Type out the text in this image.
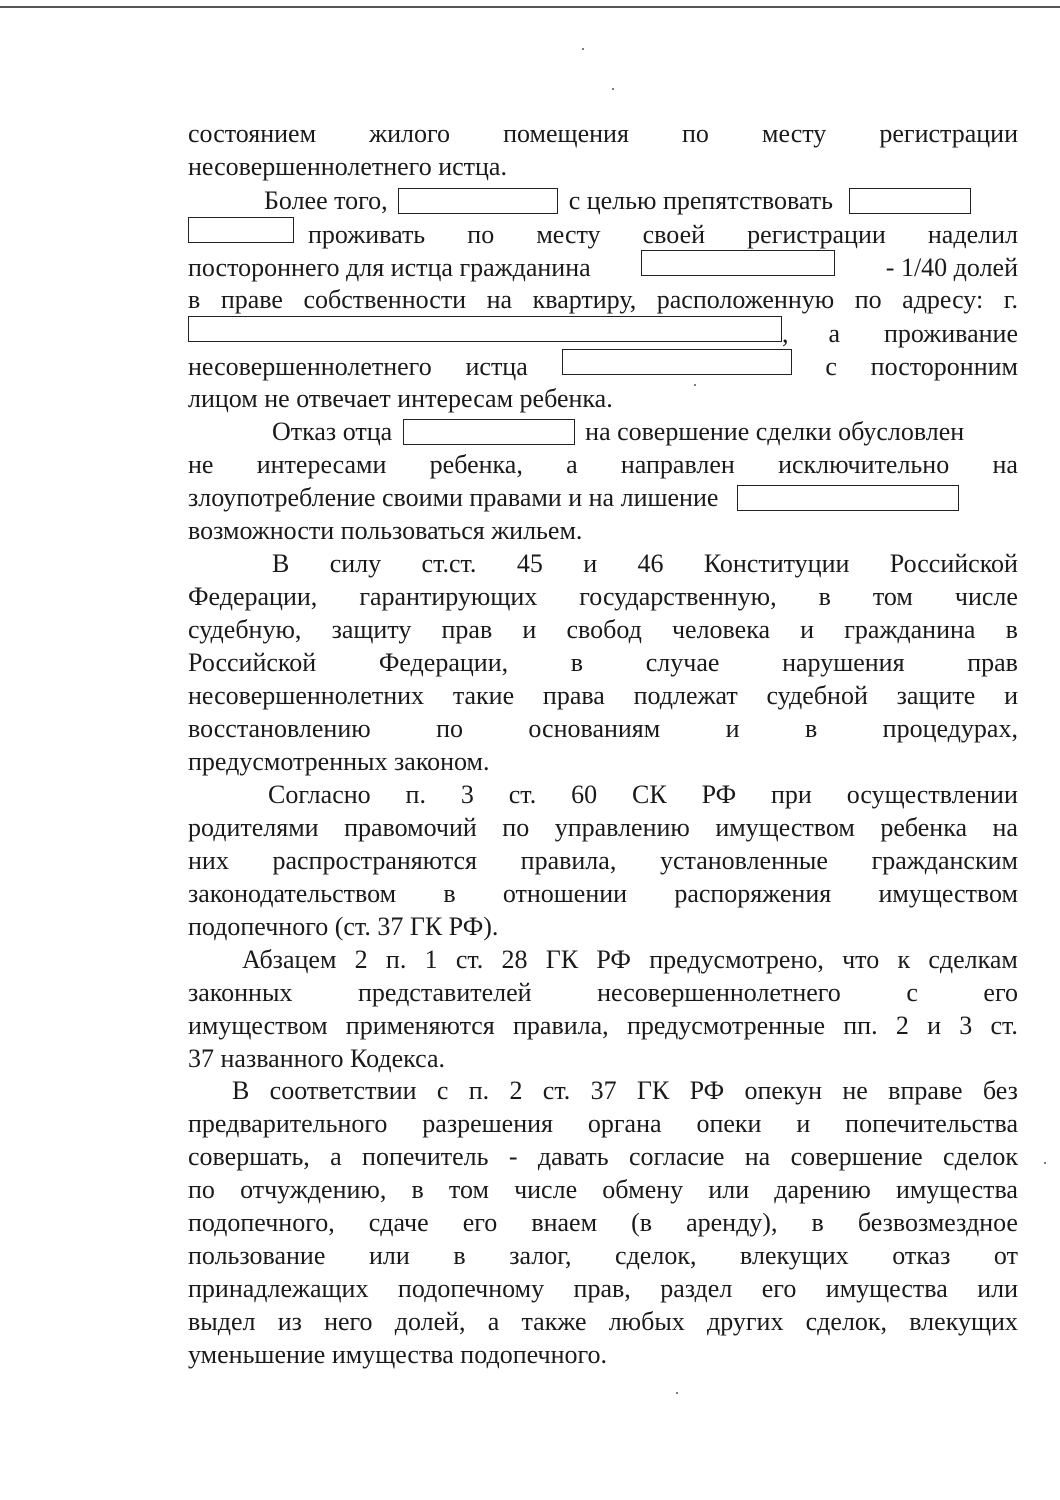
состоянием жилого помещения по месту регистрации
несовершеннолетнего истца.
Более того,	с целью препятствовать
проживать по месту своей регистрации наделил
постороннего для истца гражданина	- 1/40 долей
в праве собственности на квартиру, расположенную по адресу: г.
, а проживание
несовершеннолетнего истца	с посторонним
лицом не отвечает интересам ребенка.
Отказ отца	на совершение сделки обусловлен
не интересами ребенка, а направлен исключительно на
злоупотребление своими правами и на лишение
возможности пользоваться жильем.
В силу ст.ст. 45 и 46 Конституции Российской
Федерации, гарантирующих государственную, в том числе
судебную, защиту прав и свобод человека и гражданина в
Российской Федерации, в случае нарушения прав
несовершеннолетних такие права подлежат судебной защите и
восстановлению	по	основаниям	и	в	процедурах,
предусмотренных законом.
Согласно п. 3 ст. 60 СК РФ при осуществлении
родителями правомочий по управлению имуществом ребенка на
них распространяются правила, установленные гражданским
законодательством в отношении распоряжения имуществом
подопечного (ст. 37 ГК РФ).
Абзацем 2 п. 1 ст. 28 ГК РФ предусмотрено, что к сделкам
законных	представителей	несовершеннолетнего	с	его
имуществом применяются правила, предусмотренные пп. 2 и 3 ст.
37 названного Кодекса.
В соответствии с п. 2 ст. 37 ГК РФ опекун не вправе без
предварительного разрешения органа опеки и попечительства
совершать, а попечитель - давать согласие на совершение сделок
по отчуждению, в том числе обмену или дарению имущества
подопечного, сдаче его внаем (в аренду), в безвозмездное
пользование или в залог, сделок, влекущих отказ от
принадлежащих подопечному прав, раздел его имущества или
выдел из него долей, а также любых других сделок, влекущих
уменьшение имущества подопечного.
